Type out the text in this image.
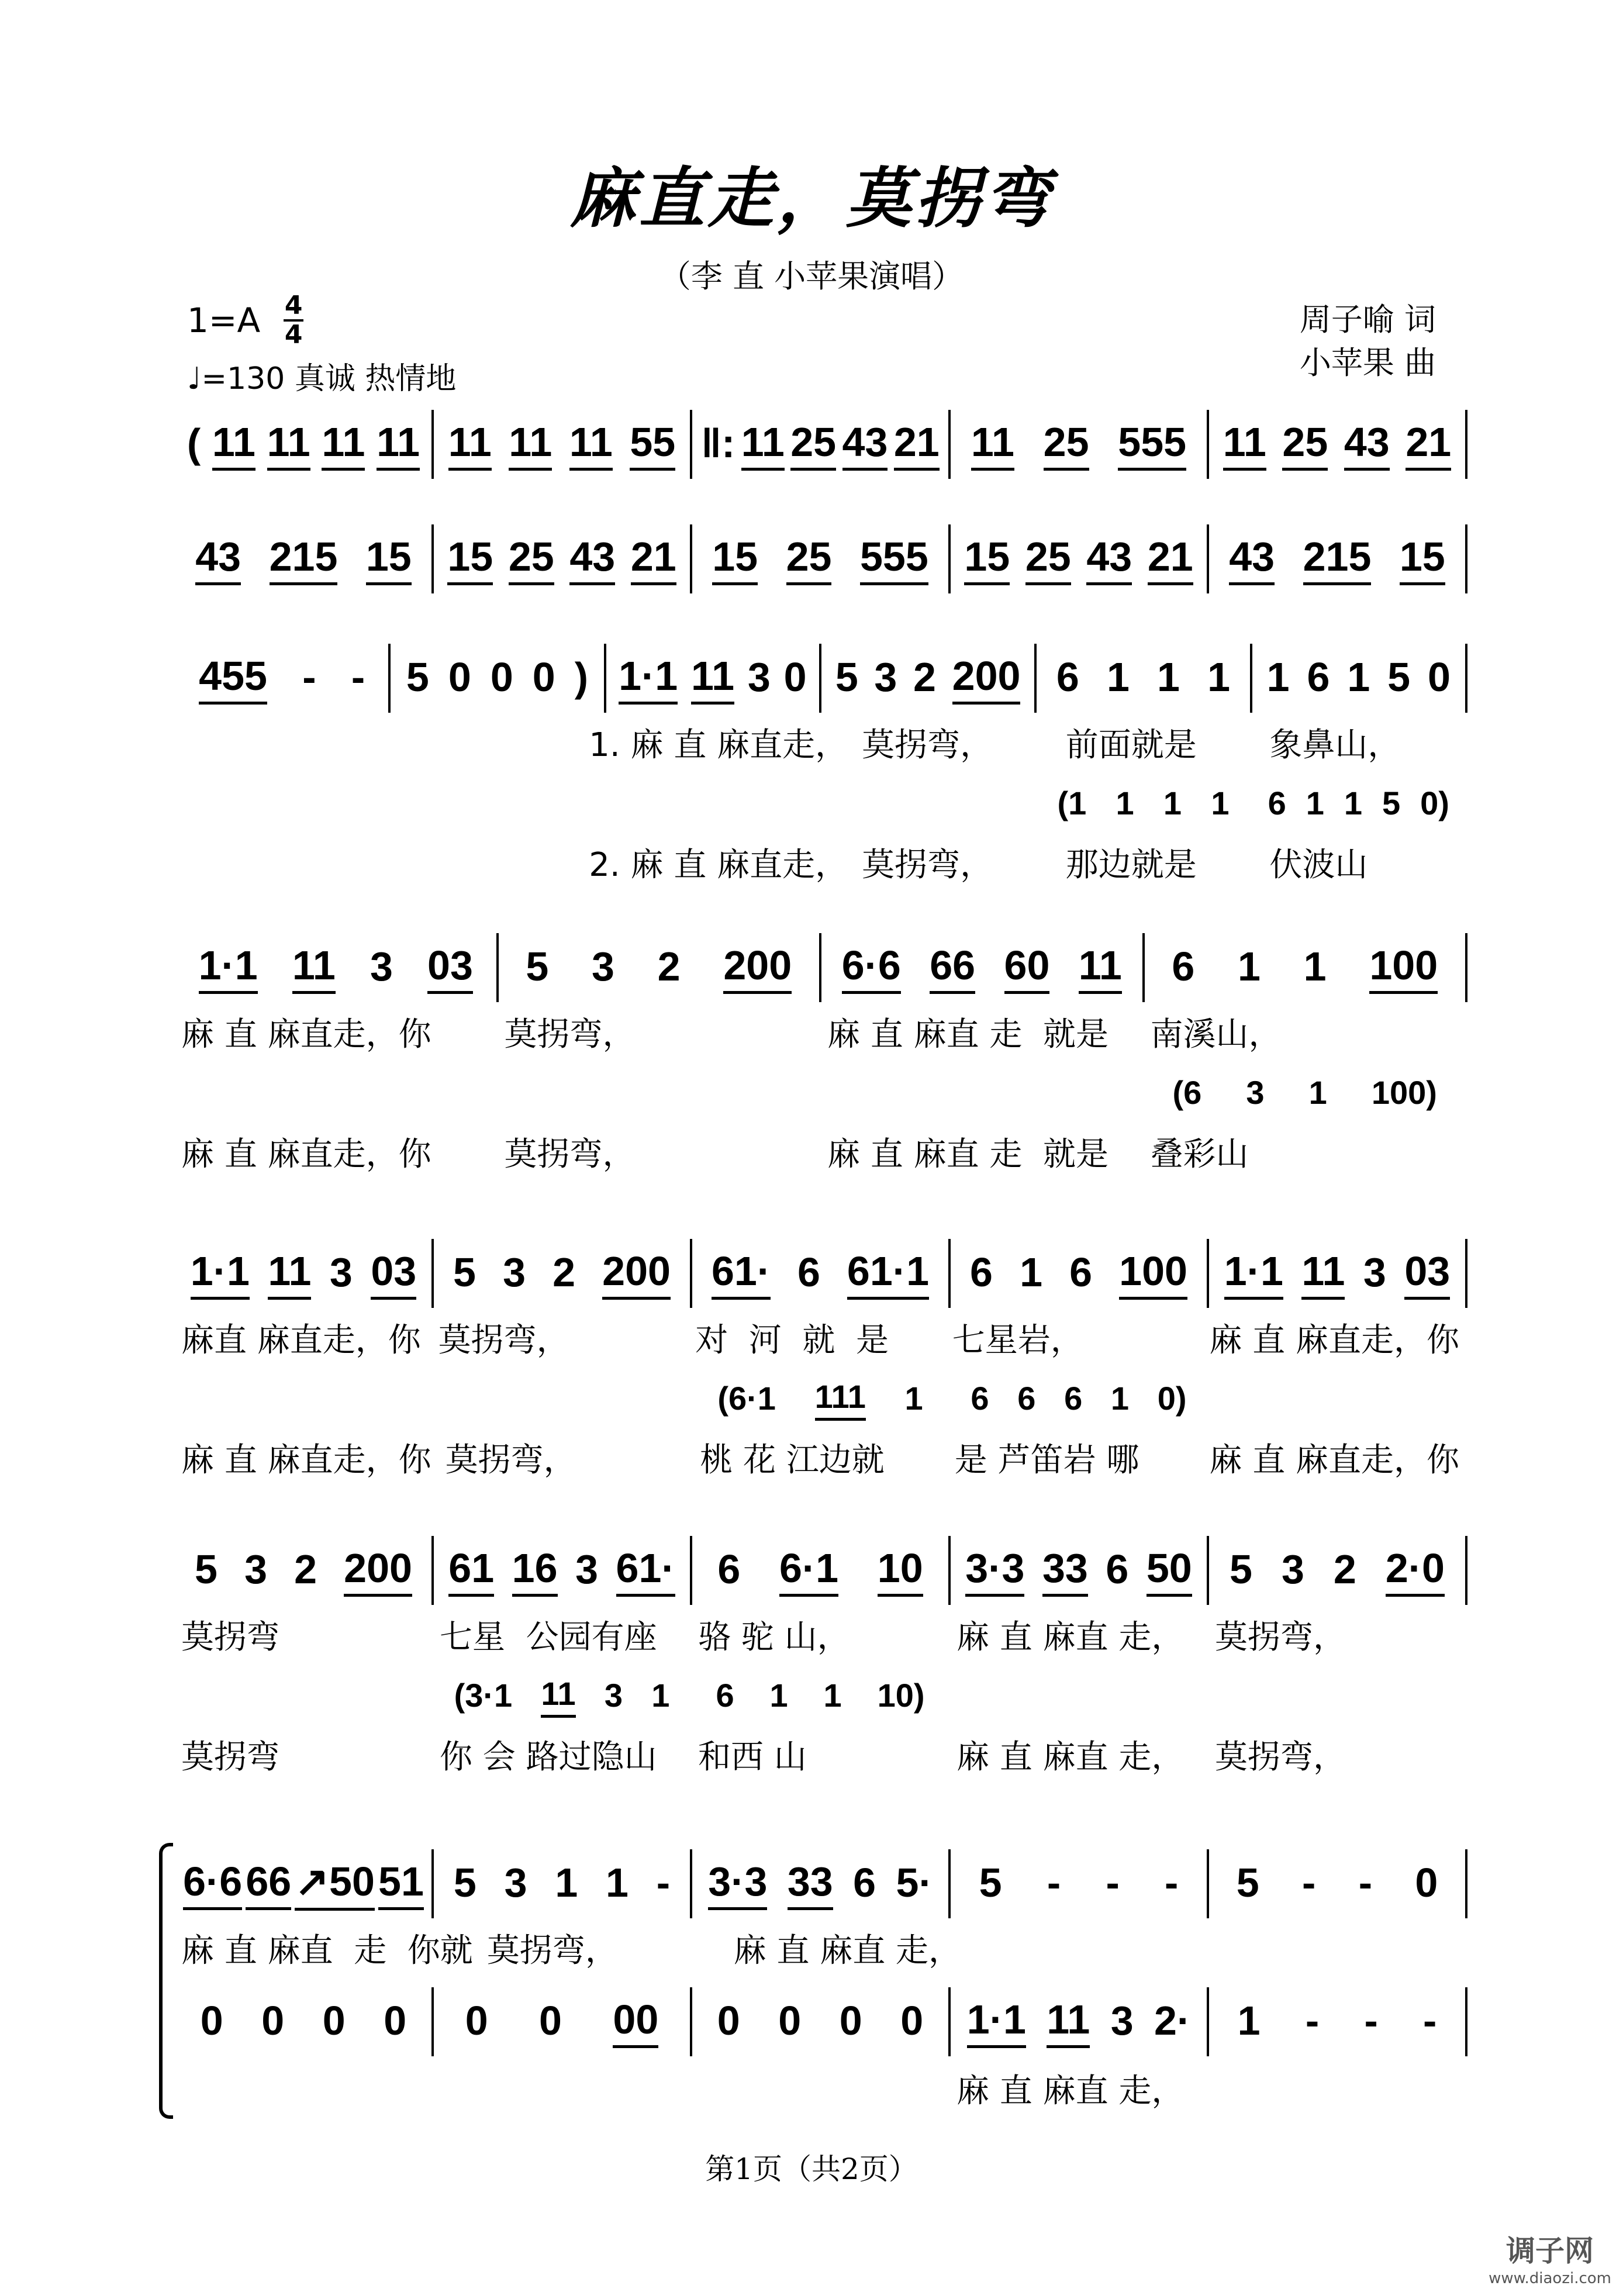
麻直走，莫拐弯
（李 直 小苹果演唱）
1=A 4
4
♩=130 真诚 热情地
周子喻 词
小苹果 曲
( 11 11 11 11 11 11 11 55 ‖: 11 25 43 21 11 25 555 11 25 43 21
43 215 15 15 25 43 21 15 25 555 15 25 43 21 43 215 15
455 - - 5 0 0 0 ) 1·1 11 3 0 5 3 2 200 6 1 1 1 1 6 1 5 0
1. 麻 直 麻直走， 莫拐弯，	前面就是	象鼻山，
(1 1 1 1 6 1 1 5 0)
2. 麻 直 麻直走， 莫拐弯，	那边就是	伏波山
1·1 11 3 03 5 3 2 200 6·6 66 60 11 6 1 1 100
麻 直 麻直走，你	莫拐弯，	麻 直 麻直 走  就是	南溪山，
(6 3 1 100)
麻 直 麻直走，你	莫拐弯，	麻 直 麻直 走  就是	叠彩山
1·1 11 3 03 5 3 2 200 61· 6 61·1 6 1 6 100 1·1 11 3 03
麻直 麻直走，你 莫拐弯，	对  河  就  是	七星岩，	麻 直 麻直走，你
(6·1 111 1 6 6 6 1 0)
麻 直 麻直走，你 莫拐弯，	桃 花 江边就	是 芦笛岩 哪	麻 直 麻直走，你
5 3 2 200 61 16 3 61· 6 6·1 10 3·3 33 6 50 5 3 2 2·0
莫拐弯	七星  公园有座	骆 驼 山，	麻 直 麻直 走， 莫拐弯，
(3·1 11 3 1 6 1 1 10)
莫拐弯	你 会 路过隐山	和西 山	麻 直 麻直 走， 莫拐弯，
6·6 66 ↗50 51 5 3 1 1 - 3·3 33 6 5· 5 - - - 5 - - 0
麻 直 麻直  走  你就 莫拐弯，	麻 直 麻直 走，
0 0 0 0 0 0 00 0 0 0 0 1·1 11 3 2· 1 - - -
麻 直 麻直 走，
第1页（共2页）
调子网
www.diaozi.com
